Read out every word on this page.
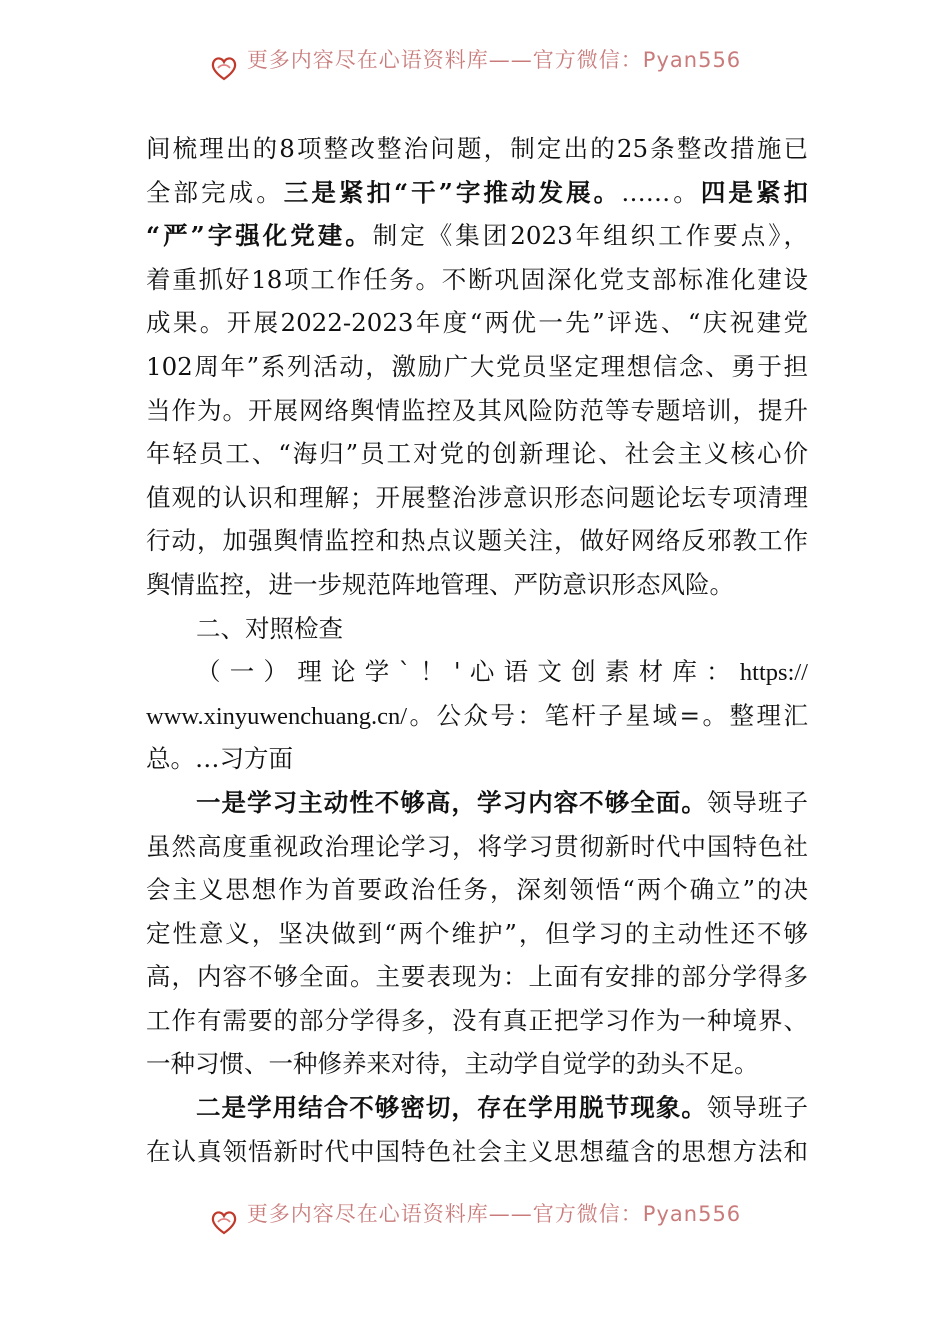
更多内容尽在心语资料库——官方微信：Pyan556
间梳理出的8项整改整治问题，制定出的25条整改措施已
全部完成。三是紧扣“干”字推动发展。……。四是紧扣
“严”字强化党建。制定《集团2023年组织工作要点》，
着重抓好18项工作任务。不断巩固深化党支部标准化建设
成果。开展2022-2023年度“两优一先”评选、“庆祝建党
102周年”系列活动，激励广大党员坚定理想信念、勇于担
当作为。开展网络舆情监控及其风险防范等专题培训，提升
年轻员工、“海归”员工对党的创新理论、社会主义核心价
值观的认识和理解；开展整治涉意识形态问题论坛专项清理
行动，加强舆情监控和热点议题关注，做好网络反邪教工作
舆情监控，进一步规范阵地管理、严防意识形态风险。
二、对照检查
（一）理论学`！'心语文创素材库：https://
www.xinyuwenchuang.cn/。公众号：笔杆子星域=。整理汇
总。…习方面
一是学习主动性不够高，学习内容不够全面。领导班子
虽然高度重视政治理论学习，将学习贯彻新时代中国特色社
会主义思想作为首要政治任务，深刻领悟“两个确立”的决
定性意义，坚决做到“两个维护”，但学习的主动性还不够
高，内容不够全面。主要表现为：上面有安排的部分学得多
工作有需要的部分学得多，没有真正把学习作为一种境界、
一种习惯、一种修养来对待，主动学自觉学的劲头不足。
二是学用结合不够密切，存在学用脱节现象。领导班子
在认真领悟新时代中国特色社会主义思想蕴含的思想方法和
更多内容尽在心语资料库——官方微信：Pyan556
